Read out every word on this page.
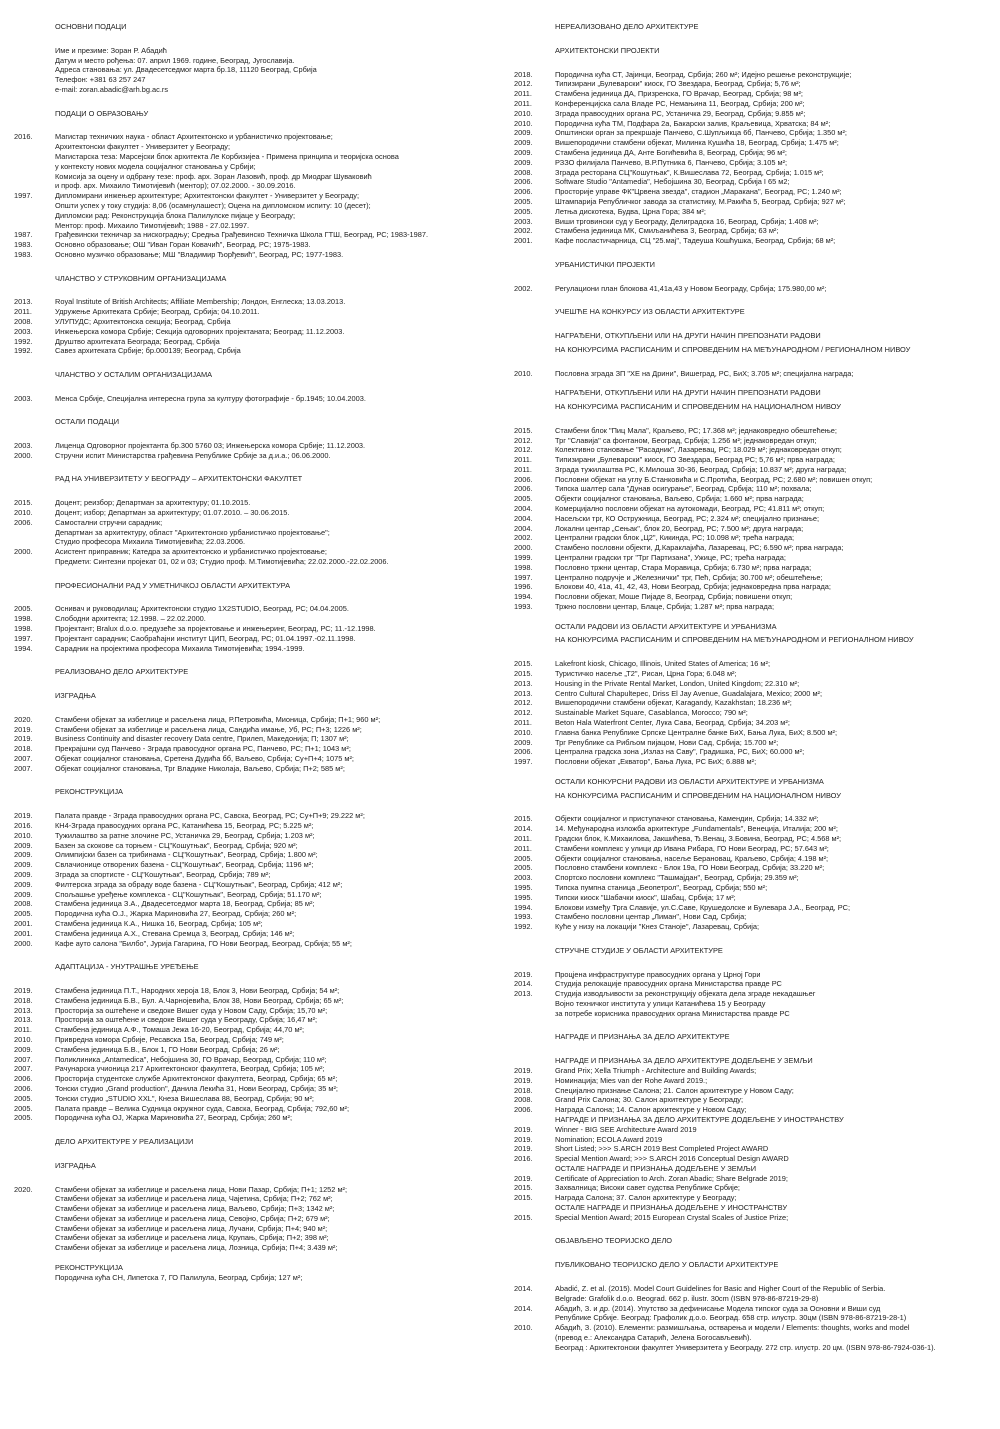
ОСНОВНИ ПОДАЦИ
Име и презиме: Зоран Р. Абадић
Датум и место рођења: 07. април 1969. године, Београд, Југославија.
Адреса становања: ул. Двадесетседмог марта бр.18, 11120 Београд, Србија
Телефон: +381 63 257 247
e-mail: zoran.abadic@arh.bg.ac.rs
ПОДАЦИ О ОБРАЗОВАЊУ
2016.	Магистар техничких наука - област Архитектонско и урбанистичко пројектовање;
Архитектонски факултет - Универзитет у Београду;
Магистарска теза: Марсејски блок архитекта Ле Корбизијеа - Примена принципа и теоријска основа
у контексту нових модела социјалног становања у Србији;
Комисија за оцену и одбрану тезе: проф. арх. Зоран Лазовић, проф. др Миодраг Шуваковић
и проф. арх. Михаило Тимотијевић (ментор); 07.02.2000. - 30.09.2016.
1997.	Дипломирани инжењер архитектуре; Архитектонски факултет - Универзитет у Београду;
Општи успех у току студија: 8,06 (осамнулашест); Оцена на дипломском испиту: 10 (десет);
Дипломски рад: Реконструкција блока Палилулске пијаце у Београду;
Ментор: проф. Михаило Тимотијевић; 1988 - 27.02.1997.
1987.	Грађевински техничар за нискоградњу; Средња Грађевинско Техничка Школа ГТШ, Београд, РС; 1983-1987.
1983.	Основно образовање; ОШ "Иван Горан Ковачић", Београд, РС; 1975-1983.
1983.	Основно музичко образовање; МШ "Владимир Ђорђевић", Београд, РС; 1977-1983.
ЧЛАНСТВО У СТРУКОВНИМ ОРГАНИЗАЦИЈАМА
2013.	Royal Institute of British Architects; Affiliate Membership; Лондон, Енглеска; 13.03.2013.
2011.	Удружење Архитеката Србије; Београд, Србија; 04.10.2011.
2008.	УЛУПУДС; Архитектонска секција; Београд, Србија
2003.	Инжењерска комора Србије; Секција одговорних пројектаната; Београд; 11.12.2003.
1992.	Друштво архитеката Београда; Београд, Србија
1992.	Савез архитеката Србије; бр.000139; Београд, Србија
ЧЛАНСТВО У ОСТАЛИМ ОРГАНИЗАЦИЈАМА
2003.	Менса Србије, Специјална интересна група за културу фотографије - бр.1945; 10.04.2003.
ОСТАЛИ ПОДАЦИ
2003.	Лиценца Одговорног пројектанта бр.300 5760 03; Инжењерска комора Србије; 11.12.2003.
2000.	Стручни испит Министарства грађевина Републике Србије за д.и.а.; 06.06.2000.
РАД НА УНИВЕРЗИТЕТУ У БЕОГРАДУ – АРХИТЕКТОНСКИ ФАКУЛТЕТ
2015.	Доцент; реизбор; Департман за архитектуру; 01.10.2015.
2010.	Доцент; избор; Департман за архитектуру; 01.07.2010. – 30.06.2015.
2006.	Самостални стручни сарадник;
Департман за архитектуру, област "Архитектонско урбанистичко пројектовање";
Студио професора Михаила Тимотијевића; 22.03.2006.
2000.	Асистент приправник; Катедра за архитектонско и урбанистичко пројектовање;
Предмети: Синтезни пројекат 01, 02 и 03; Студио проф. М.Тимотијевића; 22.02.2000.-22.02.2006.
ПРОФЕСИОНАЛНИ РАД У УМЕТНИЧКОЈ ОБЛАСТИ АРХИТЕКТУРА
2005.	Оснивач и руководилац; Архитектонски студио 1X2STUDIO, Београд, РС; 04.04.2005.
1998.	Слободни архитекта; 12.1998. – 22.02.2000.
1998.	Пројектант; Bralux d.o.o. предузеће за пројектовање и инжењеринг, Београд, РС; 11.-12.1998.
1997.	Пројектант сарадник; Саобраћајни институт ЦИП, Београд, РС; 01.04.1997.-02.11.1998.
1994.	Сарадник на пројектима професора Михаила Тимотијевића; 1994.-1999.
РЕАЛИЗОВАНО ДЕЛО АРХИТЕКТУРЕ
ИЗГРАДЊА
2020.	Стамбени објекат за избеглице и расељена лица, Р.Петровића, Мионица, Србија; П+1; 960 м²;
2019.	Стамбени објекат за избеглице и расељена лица, Сандића имање, Уб, РС; П+3; 1226 м²;
2019.	Business Continuity and disaster recovery Data centre, Прилеп, Македонија; П; 1307 м²;
2018.	Прекрајшни суд Панчево - Зграда правосудног органа РС, Панчево, РС; П+1; 1043 м²;
2007.	Објекат социјалног становања, Сретена Дудића бб, Ваљево, Србија; Су+П+4; 1075 м²;
2007.	Објекат социјалног становања, Трг Владике Николаја, Ваљево, Србија; П+2; 585 м²;
РЕКОНСТРУКЦИЈА
2019.	Палата правде - Зграда правосудних органа РС, Савска, Београд, РС; Су+П+9; 29.222 м²;
2016.	КН4-Зграда правосудних органа РС, Катанићева 15, Београд, РС; 5.225 м²;
2010.	Тужилаштво за ратне злочине РС, Устаничка 29, Београд, Србија; 1.203 м²;
2009.	Базен за скокове са торњем - СЦ"Кошутњак", Београд, Србија; 920 м²;
2009.	Олимпијски базен са трибинама - СЦ"Кошутњак", Београд, Србија; 1.800 м²;
2009.	Свлачионице отворених базена - СЦ"Кошутњак", Београд, Србија; 1196 м²;
2009.	Зграда за спортисте - СЦ"Кошутњак", Београд, Србија; 789 м²;
2009.	Филтерска зграда за обраду воде базена - СЦ"Кошутњак", Београд, Србија; 412 м²;
2009.	Спољашње уређење комплекса - СЦ"Кошутњак", Београд, Србија; 51.170 м²;
2008.	Стамбена јединица З.А., Двадесетседмог марта 18, Београд, Србија; 85 м²;
2005.	Породична кућа О.Ј., Жарка Мариновића 27, Београд, Србија; 260 м²;
2001.	Стамбена јединица К.А., Нишка 16, Београд, Србија; 105 м²;
2001.	Стамбена јединица А.Х., Стевана Сремца 3, Београд, Србија; 146 м²;
2000.	Кафе ауто салона "Билбо", Јурија Гагарина, ГО Нови Београд, Београд, Србија; 55 м²;
АДАПТАЦИЈА - УНУТРАШЊЕ УРЕЂЕЊЕ
2019.	Стамбена јединица П.Т., Народних хероја 18, Блок 3, Нови Београд, Србија; 54 м²;
2018.	Стамбена јединица Б.В., Бул. А.Чарнојевића, Блок 38, Нови Београд, Србија; 65 м²;
2013.	Просторија за оштећене и сведоке Вишег суда у Новом Саду, Србија; 15,70 м²;
2013.	Просторија за оштећене и сведоке Вишег суда у Београду, Србија; 16,47 м²;
2011.	Стамбена јединица А.Ф., Томаша Јежа 16-20, Београд, Србија; 44,70 м²;
2010.	Привредна комора Србије, Ресавска 15а, Београд, Србија; 749 м²;
2009.	Стамбена јединица Б.В., Блок 1, ГО Нови Београд, Србија; 26 м²;
2007.	Поликлиника „Antamedica", Небојшина 30, ГО Врачар, Београд, Србија; 110 м²;
2007.	Рачунарска учионица 217 Архитектонског факултета, Београд, Србија; 105 м²;
2006.	Просторија студентске службе Архитектонског факултета, Београд, Србија; 65 м²;
2006.	Тонски студио „Grand production", Данила Лекића 31, Нови Београд, Србија; 35 м²;
2005.	Тонски студио „STUDIO XXL", Кнеза Вишеслава 88, Београд, Србија; 90 м²;
2005.	Палата правде – Велика Судница окружног суда, Савска, Београд, Србија; 792,60 м²;
2005.	Породична кућа ОЈ, Жарка Мариновића 27, Београд, Србија; 260 м²;
ДЕЛО АРХИТЕКТУРЕ У РЕАЛИЗАЦИЈИ
ИЗГРАДЊА
2020.	Стамбени објекат за избеглице и расељена лица, Нови Пазар, Србија; П+1; 1252 м²;
Стамбени објекат за избеглице и расељена лица, Чајетина, Србија; П+2; 762 м²;
Стамбени објекат за избеглице и расељена лица, Ваљево, Србија; П+3; 1342 м²;
Стамбени објекат за избеглице и расељена лица, Севојно, Србија; П+2; 679 м²;
Стамбени објекат за избеглице и расељена лица, Лучани, Србија; П+4; 940 м²;
Стамбени објекат за избеглице и расељена лица, Крупањ, Србија; П+2; 398 м²;
Стамбени објекат за избеглице и расељена лица, Лозница, Србија; П+4; 3.439 м²;
РЕКОНСТРУКЦИЈА
Породична кућа СН, Липетска 7, ГО Палилула, Београд, Србија; 127 м²;
НЕРЕАЛИЗОВАНО ДЕЛО АРХИТЕКТУРЕ
АРХИТЕКТОНСКИ ПРОЈЕКТИ
2018.	Породична кућа СТ, Јајинци, Београд, Србија; 260 м²; Идејно решење реконструкције;
2012.	Типизирани „Булеварски" киоск, ГО Звездара, Београд, Србија; 5,76 м²;
2011.	Стамбена јединица ДА, Призренска, ГО Врачар, Београд, Србија; 98 м²;
2011.	Конференцијска сала Владе РС, Немањина 11, Београд, Србија; 200 м²;
2010.	Зграда правосудних органа РС, Устаничка 29, Београд, Србија; 9.855 м²;
2010.	Породична кућа ТМ, Подфара 2а, Бакарски залив, Краљевица, Хрватска; 84 м²;
2009.	Општински орган за прекршаје Панчево, С.Шупљикца 6б, Панчево, Србија; 1.350 м²;
2009.	Вишепородични стамбени објекат, Милинка Кушића 18, Београд, Србија; 1.475 м²;
2009.	Стамбена јединица ДА, Анте Богићевића 8, Београд, Србија; 96 м²;
2009.	РЗЗО филијала Панчево, В.Р.Путника 6, Панчево, Србија; 3.105 м²;
2008.	Зграда ресторана СЦ"Кошутњак", К.Вишеслава 72, Београд, Србија; 1.015 м²;
2006.	Software Studio "Antamedia", Небојшина 30, Београд, Србија I 65 м2;
2006.	Просторије управе ФК"Црвена звезда", стадион „Маракана", Београд, РС; 1.240 м²;
2005.	Штампарија Републичког завода за статистику, М.Ракића 5, Београд, Србија; 927 м²;
2005.	Летња дискотека, Будва, Црна Гора; 384 м²;
2003.	Виши трговински суд у Београду, Делиградска 16, Београд, Србија; 1.408 м²;
2002.	Стамбена јединица МК, Смиљанићева 3, Београд, Србија; 63 м²;
2001.	Кафе посластичарница, СЦ "25.мај", Тадеуша Кошћушка, Београд, Србија; 68 м²;
УРБАНИСТИЧКИ ПРОЈЕКТИ
2002.	Регулациони план блокова 41,41а,43 у Новом Београду, Србија; 175.980,00 м²;
УЧЕШЋЕ НА КОНКУРСУ ИЗ ОБЛАСТИ АРХИТЕКТУРЕ
НАГРАЂЕНИ, ОТКУПЉЕНИ ИЛИ НА ДРУГИ НАЧИН ПРЕПОЗНАТИ РАДОВИ
НА КОНКУРСИМА РАСПИСАНИМ И СПРОВЕДЕНИМ НА МЕЂУНАРОДНОМ / РЕГИОНАЛНОМ НИВОУ
2010.	Пословна зграда ЗП "ХЕ на Дрини", Вишеград, РС, БиХ; 3.705 м²; специјална награда;
НАГРАЂЕНИ, ОТКУПЉЕНИ ИЛИ НА ДРУГИ НАЧИН ПРЕПОЗНАТИ РАДОВИ
НА КОНКУРСИМА РАСПИСАНИМ И СПРОВЕДЕНИМ НА НАЦИОНАЛНОМ НИВОУ
2015.	Стамбени блок "Пиц Мала", Краљево, РС; 17.368 м²; једнаковредно обештећење;
2012.	Трг "Славија" са фонтаном, Београд, Србија; 1.256 м²; једнаковредан откуп;
2012.	Колективно становање "Расадник", Лазаревац, РС; 18.029 м²; једнаковредан откуп;
2011.	Типизирани „Булеварски" киоск, ГО Звездара, Београд РС; 5,76 м²; прва награда;
2011.	Зграда тужилаштва РС, К.Милоша 30-36, Београд, Србија; 10.837 м²; друга награда;
2006.	Пословни објекат на углу Б.Станковића и С.Протића, Београд, РС; 2.680 м²; повишен откуп;
2006.	Типска шалтер сала "Дунав осигурање", Београд, Србија; 110 м²; похвала;
2005.	Објекти социјалног становања, Ваљево, Србија; 1.660 м²; прва награда;
2004.	Комерцијално пословни објекат на аутокомади, Београд, РС; 41.811 м²; откуп;
2004.	Насељски трг, КО Остружница, Београд, РС; 2.324 м²; специјално признање;
2004.	Локални центар „Сењак", блок 20, Београд, РС; 7.500 м²; друга награда;
2002.	Централни градски блок „Ц2", Кикинда, РС; 10.098 м²; трећа награда;
2000.	Стамбено пословни објекти, Д.Караклајића, Лазаревац, РС; 6.590 м²; прва награда;
1999.	Централни градски трг "Трг Партизана", Ужице, РС; трећа награда;
1998.	Пословно тржни центар, Стара Моравица, Србија; 6.730 м²; прва награда;
1997.	Централно подручје и „Железнички" трг, Пећ, Србија; 30.700 м²; обештећење;
1996.	Блокови 40, 41а, 41, 42, 43, Нови Београд, Србија; једнаковредна прва награда;
1994.	Пословни објекат, Моше Пијаде 8, Београд, Србија; повишени откуп;
1993.	Тржно пословни центар, Блаце, Србија; 1.287 м²; прва награда;
ОСТАЛИ РАДОВИ ИЗ ОБЛАСТИ АРХИТЕКТУРЕ И УРБАНИЗМА
НА КОНКУРСИМА РАСПИСАНИМ И СПРОВЕДЕНИМ НА МЕЂУНАРОДНОМ И РЕГИОНАЛНОМ НИВОУ
2015.	Lakefront kiosk, Chicago, Illinois, United States of America; 16 м²;
2015.	Туристичко насеље „Т2", Рисан, Црна Гора; 6.048 м²;
2013.	Housing in the Private Rental Market, London, United Kingdom; 22.310 м²;
2013.	Centro Cultural Chapultepec, Driss El Jay Avenue, Guadalajara, Mexico; 2000 м²;
2012.	Вишепородични стамбени објекат, Karagandy, Kazakhstan; 18.236 м²;
2012.	Sustainable Market Square, Casablanca, Morocco; 790 м²;
2011.	Beton Hala Waterfront Center, Лука Сава, Београд, Србија; 34.203 м²;
2010.	Главна банка Републике Српске Централне банке БиХ, Бања Лука, БиХ; 8.500 м²;
2009.	Трг Републике са Рибљом пијацом, Нови Сад, Србија; 15.700 м²;
2006.	Централна градска зона „Излаз на Саву", Градишка, РС, БиХ; 60.000 м²;
1997.	Пословни објекат „Екватор", Бања Лука, РС БиХ; 6.888 м²;
ОСТАЛИ КОНКУРСНИ РАДОВИ ИЗ ОБЛАСТИ АРХИТЕКТУРЕ И УРБАНИЗМА
НА КОНКУРСИМА РАСПИСАНИМ И СПРОВЕДЕНИМ НА НАЦИОНАЛНОМ НИВОУ
2015.	Објекти социјалног и приступачног становања, Камендин, Србија; 14.332 м²;
2014.	14. Међународна изложба архитектуре „Fundamentals", Венеција, Италија; 200 м²;
2011.	Градски блок, К.Михаилова, Јакшићева, Ђ.Венац, З.Бовина, Београд, РС; 4.568 м²;
2011.	Стамбени комплекс у улици др Ивана Рибара, ГО Нови Београд, РС; 57.643 м²;
2005.	Објекти социјалног становања, насеље Берановац, Краљево, Србија; 4.198 м²;
2005.	Пословно стамбени комплекс - Блок 19а, ГО Нови Београд, Србија; 33.220 м²;
2003.	Спортско пословни комплекс "Ташмајдан", Београд, Србија; 29.359 м²;
1995.	Типска пумпна станица „Беопетрол", Београд, Србија; 550 м²;
1995.	Типски киоск "Шабачки киоск", Шабац, Србија; 17 м²;
1994.	Блокови између Трга Славије, ул.С.Саве, Крушедолске и Булевара J.A., Београд, РС;
1993.	Стамбено пословни центар „Лиман", Нови Сад, Србија;
1992.	Куће у низу на локацији "Кнез Станоје", Лазаревац, Србија;
СТРУЧНЕ СТУДИЈЕ У ОБЛАСТИ АРХИТЕКТУРЕ
2019.	Процјена инфраструктуре правосудних органа у Црној Гори
2014.	Студија релокације правосудних органа Министарства правде РС
2013.	Студија изводљивости за реконструкцију објеката дела зграде некадашњег
Војно техничког института у улици Катанићева 15 у Београду
за потребе корисника правосудних органа Министарства правде РС
НАГРАДЕ И ПРИЗНАЊА ЗА ДЕЛО АРХИТЕКТУРЕ
НАГРАДЕ И ПРИЗНАЊА ЗА ДЕЛО АРХИТЕКТУРЕ ДОДЕЉЕНЕ У ЗЕМЉИ
2019.	Grand Prix; Xella Triumph - Architecture and Building Awards;
2019.	Номинација; Mies van der Rohe Award 2019.;
2018.	Специјално признање Салона; 21. Салон архитектуре у Новом Саду;
2008.	Grand Prix Салона; 30. Салон архитектуре у Београду;
2006.	Награда Салона; 14. Салон архитектуре у Новом Саду;
НАГРАДЕ И ПРИЗНАЊА ЗА ДЕЛО АРХИТЕКТУРЕ ДОДЕЉЕНЕ У ИНОСТРАНСТВУ
2019.	Winner - BIG SEE Architecture Award 2019
2019.	Nomination; ECOLA Award 2019
2019.	Short Listed; >>> S.ARCH 2019 Best Completed Project AWARD
2016.	Special Mention Award; >>> S.ARCH 2016 Conceptual Design AWARD
ОСТАЛЕ НАГРАДЕ И ПРИЗНАЊА ДОДЕЉЕНЕ У ЗЕМЉИ
2019.	Certificate of Appreciation to Arch. Zoran Abadic; Share Belgrade 2019;
2015.	Захвалница; Високи савет судства Републике Србије;
2015.	Награда Салона; 37. Салон архитектуре у Београду;
ОСТАЛЕ НАГРАДЕ И ПРИЗНАЊА ДОДЕЉЕНЕ У ИНОСТРАНСТВУ
2015.	Special Mention Award; 2015 European Crystal Scales of Justice Prize;
ОБЈАВЉЕНО ТЕОРИЈСКО ДЕЛО
ПУБЛИКОВАНО ТЕОРИЈСКО ДЕЛО У ОБЛАСТИ АРХИТЕКТУРЕ
2014.	Abadić, Z. et al. (2015). Model Court Guidelines for Basic and Higher Court of the Republic of Serbia.
Belgrade: Grafolik d.o.o. Beograd. 662 p. ilustr. 30cm (ISBN 978-86-87219-29-8)
2014.	Абадић, З. и др. (2014). Упутство за дефинисање Модела типског суда за Основни и Виши суд
Републике Србије. Београд: Графолик д.о.о. Београд. 658 стр. илустр. 30цм (ISBN 978-86-87219-28-1)
2010.	Абадић, З. (2010). Елементи: размишљања, остварења и модели / Elements: thoughts, works and model
(превод е.: Александра Сатарић, Јелена Богосављевић).
Београд : Архитектонски факултет Универзитета у Београду. 272 стр. илустр. 20 цм. (ISBN 978-86-7924-036-1).
